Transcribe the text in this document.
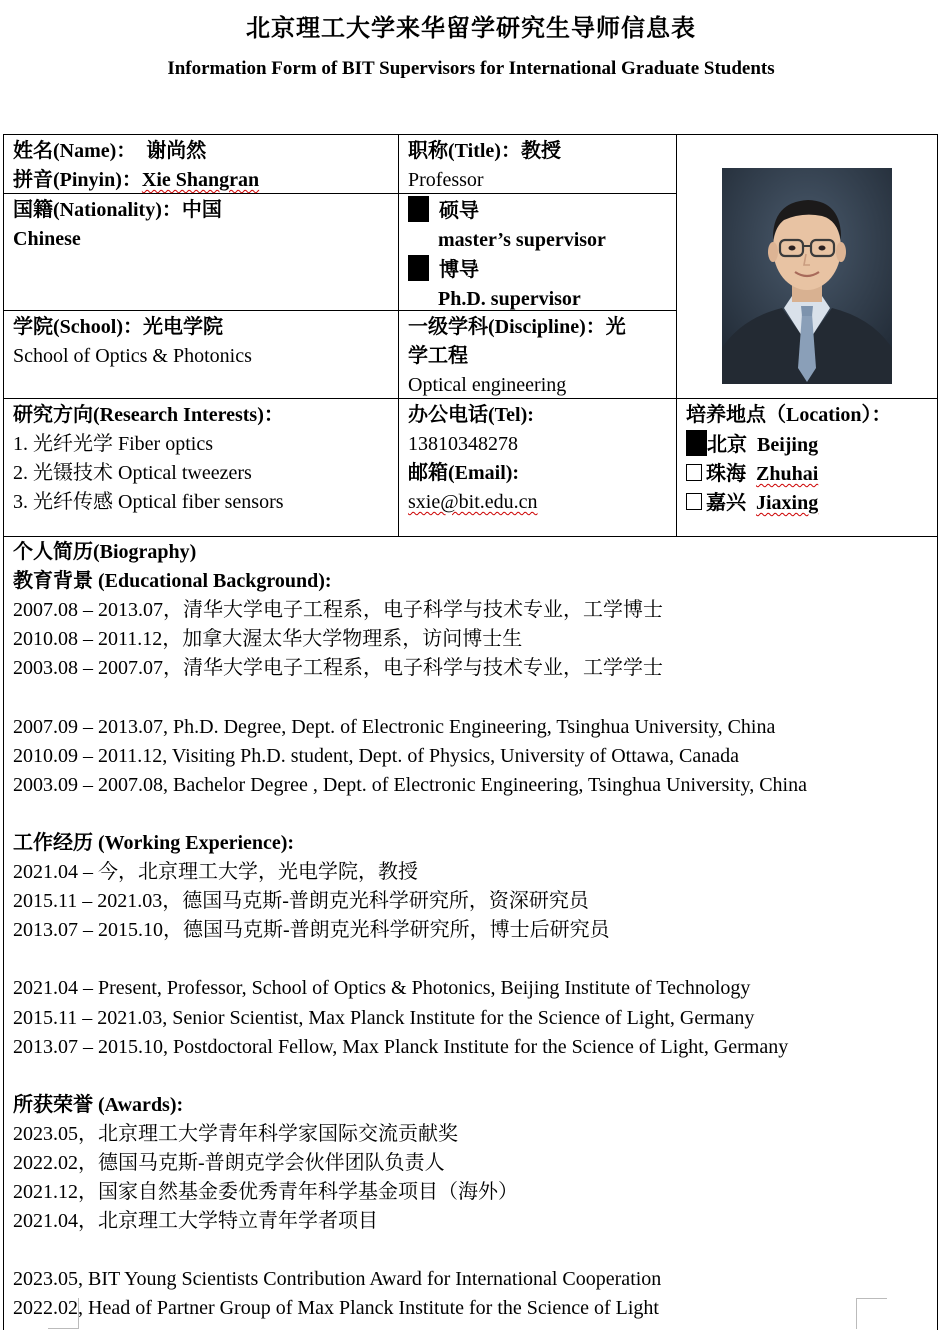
北京理工大学来华留学研究生导师信息表
Information Form of BIT Supervisors for International Graduate Students
姓名(Name)： 谢尚然
拼音(Pinyin)：Xie Shangran
职称(Title)：教授
Professor
国籍(Nationality)：中国
Chinese
硕导
master’s supervisor
博导
Ph.D. supervisor
学院(School)：光电学院
School of Optics & Photonics
一级学科(Discipline)：光
学工程
Optical engineering
研究方向(Research Interests)：
1. 光纤光学 Fiber optics
2. 光镊技术 Optical tweezers
3. 光纤传感 Optical fiber sensors
办公电话(Tel):
13810348278
邮箱(Email):
sxie@bit.edu.cn
培养地点（Location）：
北京 Beijing
珠海 Zhuhai
嘉兴 Jiaxing
个人简历(Biography)
教育背景 (Educational Background):
2007.08 – 2013.07，清华大学电子工程系，电子科学与技术专业，工学博士
2010.08 – 2011.12，加拿大渥太华大学物理系，访问博士生
2003.08 – 2007.07，清华大学电子工程系，电子科学与技术专业，工学学士
2007.09 – 2013.07, Ph.D. Degree, Dept. of Electronic Engineering, Tsinghua University, China
2010.09 – 2011.12, Visiting Ph.D. student, Dept. of Physics, University of Ottawa, Canada
2003.09 – 2007.08, Bachelor Degree , Dept. of Electronic Engineering, Tsinghua University, China
工作经历 (Working Experience):
2021.04 – 今，北京理工大学，光电学院，教授
2015.11 – 2021.03，德国马克斯-普朗克光科学研究所，资深研究员
2013.07 – 2015.10，德国马克斯-普朗克光科学研究所，博士后研究员
2021.04 – Present, Professor, School of Optics & Photonics, Beijing Institute of Technology
2015.11 – 2021.03, Senior Scientist, Max Planck Institute for the Science of Light, Germany
2013.07 – 2015.10, Postdoctoral Fellow, Max Planck Institute for the Science of Light, Germany
所获荣誉 (Awards):
2023.05，北京理工大学青年科学家国际交流贡献奖
2022.02，德国马克斯-普朗克学会伙伴团队负责人
2021.12，国家自然基金委优秀青年科学基金项目（海外）
2021.04，北京理工大学特立青年学者项目
2023.05, BIT Young Scientists Contribution Award for International Cooperation
2022.02, Head of Partner Group of Max Planck Institute for the Science of Light
